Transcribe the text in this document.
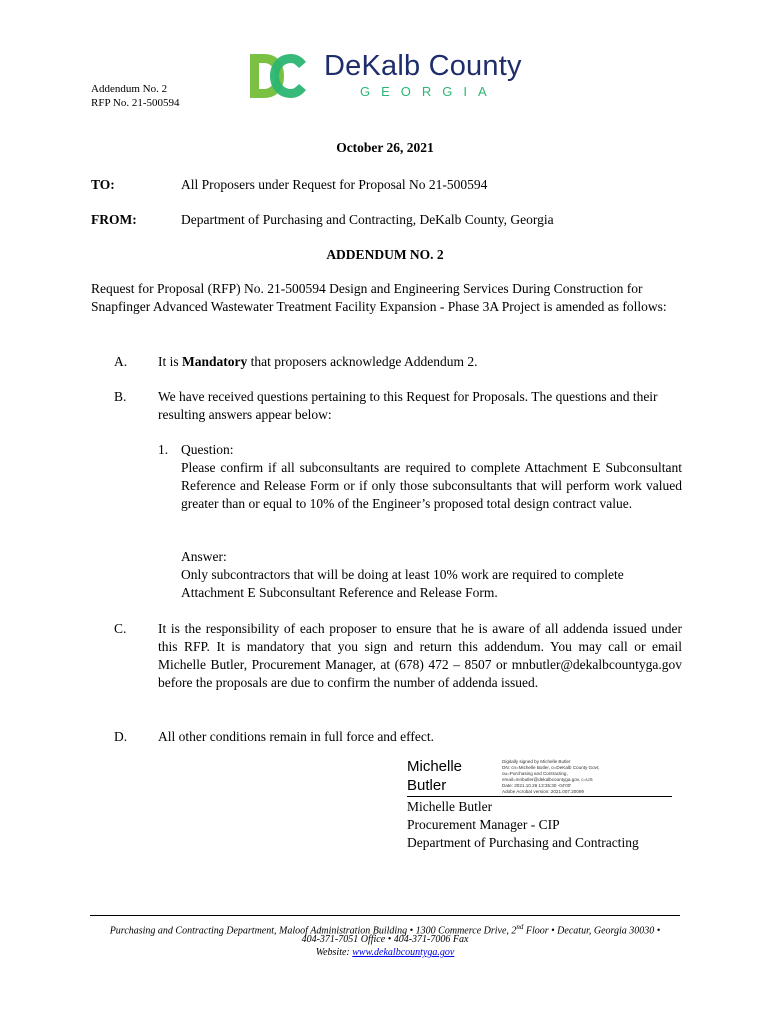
Addendum No. 2
RFP No. 21-500594
DeKalb County
GEORGIA
October 26, 2021
TO:	All Proposers under Request for Proposal No 21-500594
FROM:	Department of Purchasing and Contracting, DeKalb County, Georgia
ADDENDUM NO. 2
Request for Proposal (RFP) No. 21-500594 Design and Engineering Services During Construction for Snapfinger Advanced Wastewater Treatment Facility Expansion - Phase 3A Project is amended as follows:
A. It is Mandatory that proposers acknowledge Addendum 2.
B. We have received questions pertaining to this Request for Proposals. The questions and their resulting answers appear below:
1. Question:
Please confirm if all subconsultants are required to complete Attachment E Subconsultant Reference and Release Form or if only those subconsultants that will perform work valued greater than or equal to 10% of the Engineer’s proposed total design contract value.
Answer:
Only subcontractors that will be doing at least 10% work are required to complete Attachment E Subconsultant Reference and Release Form.
C. It is the responsibility of each proposer to ensure that he is aware of all addenda issued under this RFP. It is mandatory that you sign and return this addendum. You may call or email Michelle Butler, Procurement Manager, at (678) 472 – 8507 or mnbutler@dekalbcountyga.gov before the proposals are due to confirm the number of addenda issued.
D. All other conditions remain in full force and effect.
Michelle
Butler
Digitally signed by Michelle Butler
DN: cn=Michelle Butler, o=DeKalb County Govt,
ou=Purchasing and Contracting,
email=mnbutler@dekalbcountyga.gov, c=US
Date: 2021.10.26 13:35:30 -04'00'
Adobe Acrobat version: 2021.007.20099
Michelle Butler
Procurement Manager - CIP
Department of Purchasing and Contracting
Purchasing and Contracting Department, Maloof Administration Building • 1300 Commerce Drive, 2nd Floor • Decatur, Georgia 30030 •
404-371-7051 Office • 404-371-7006 Fax
Website: www.dekalbcountyga.gov
